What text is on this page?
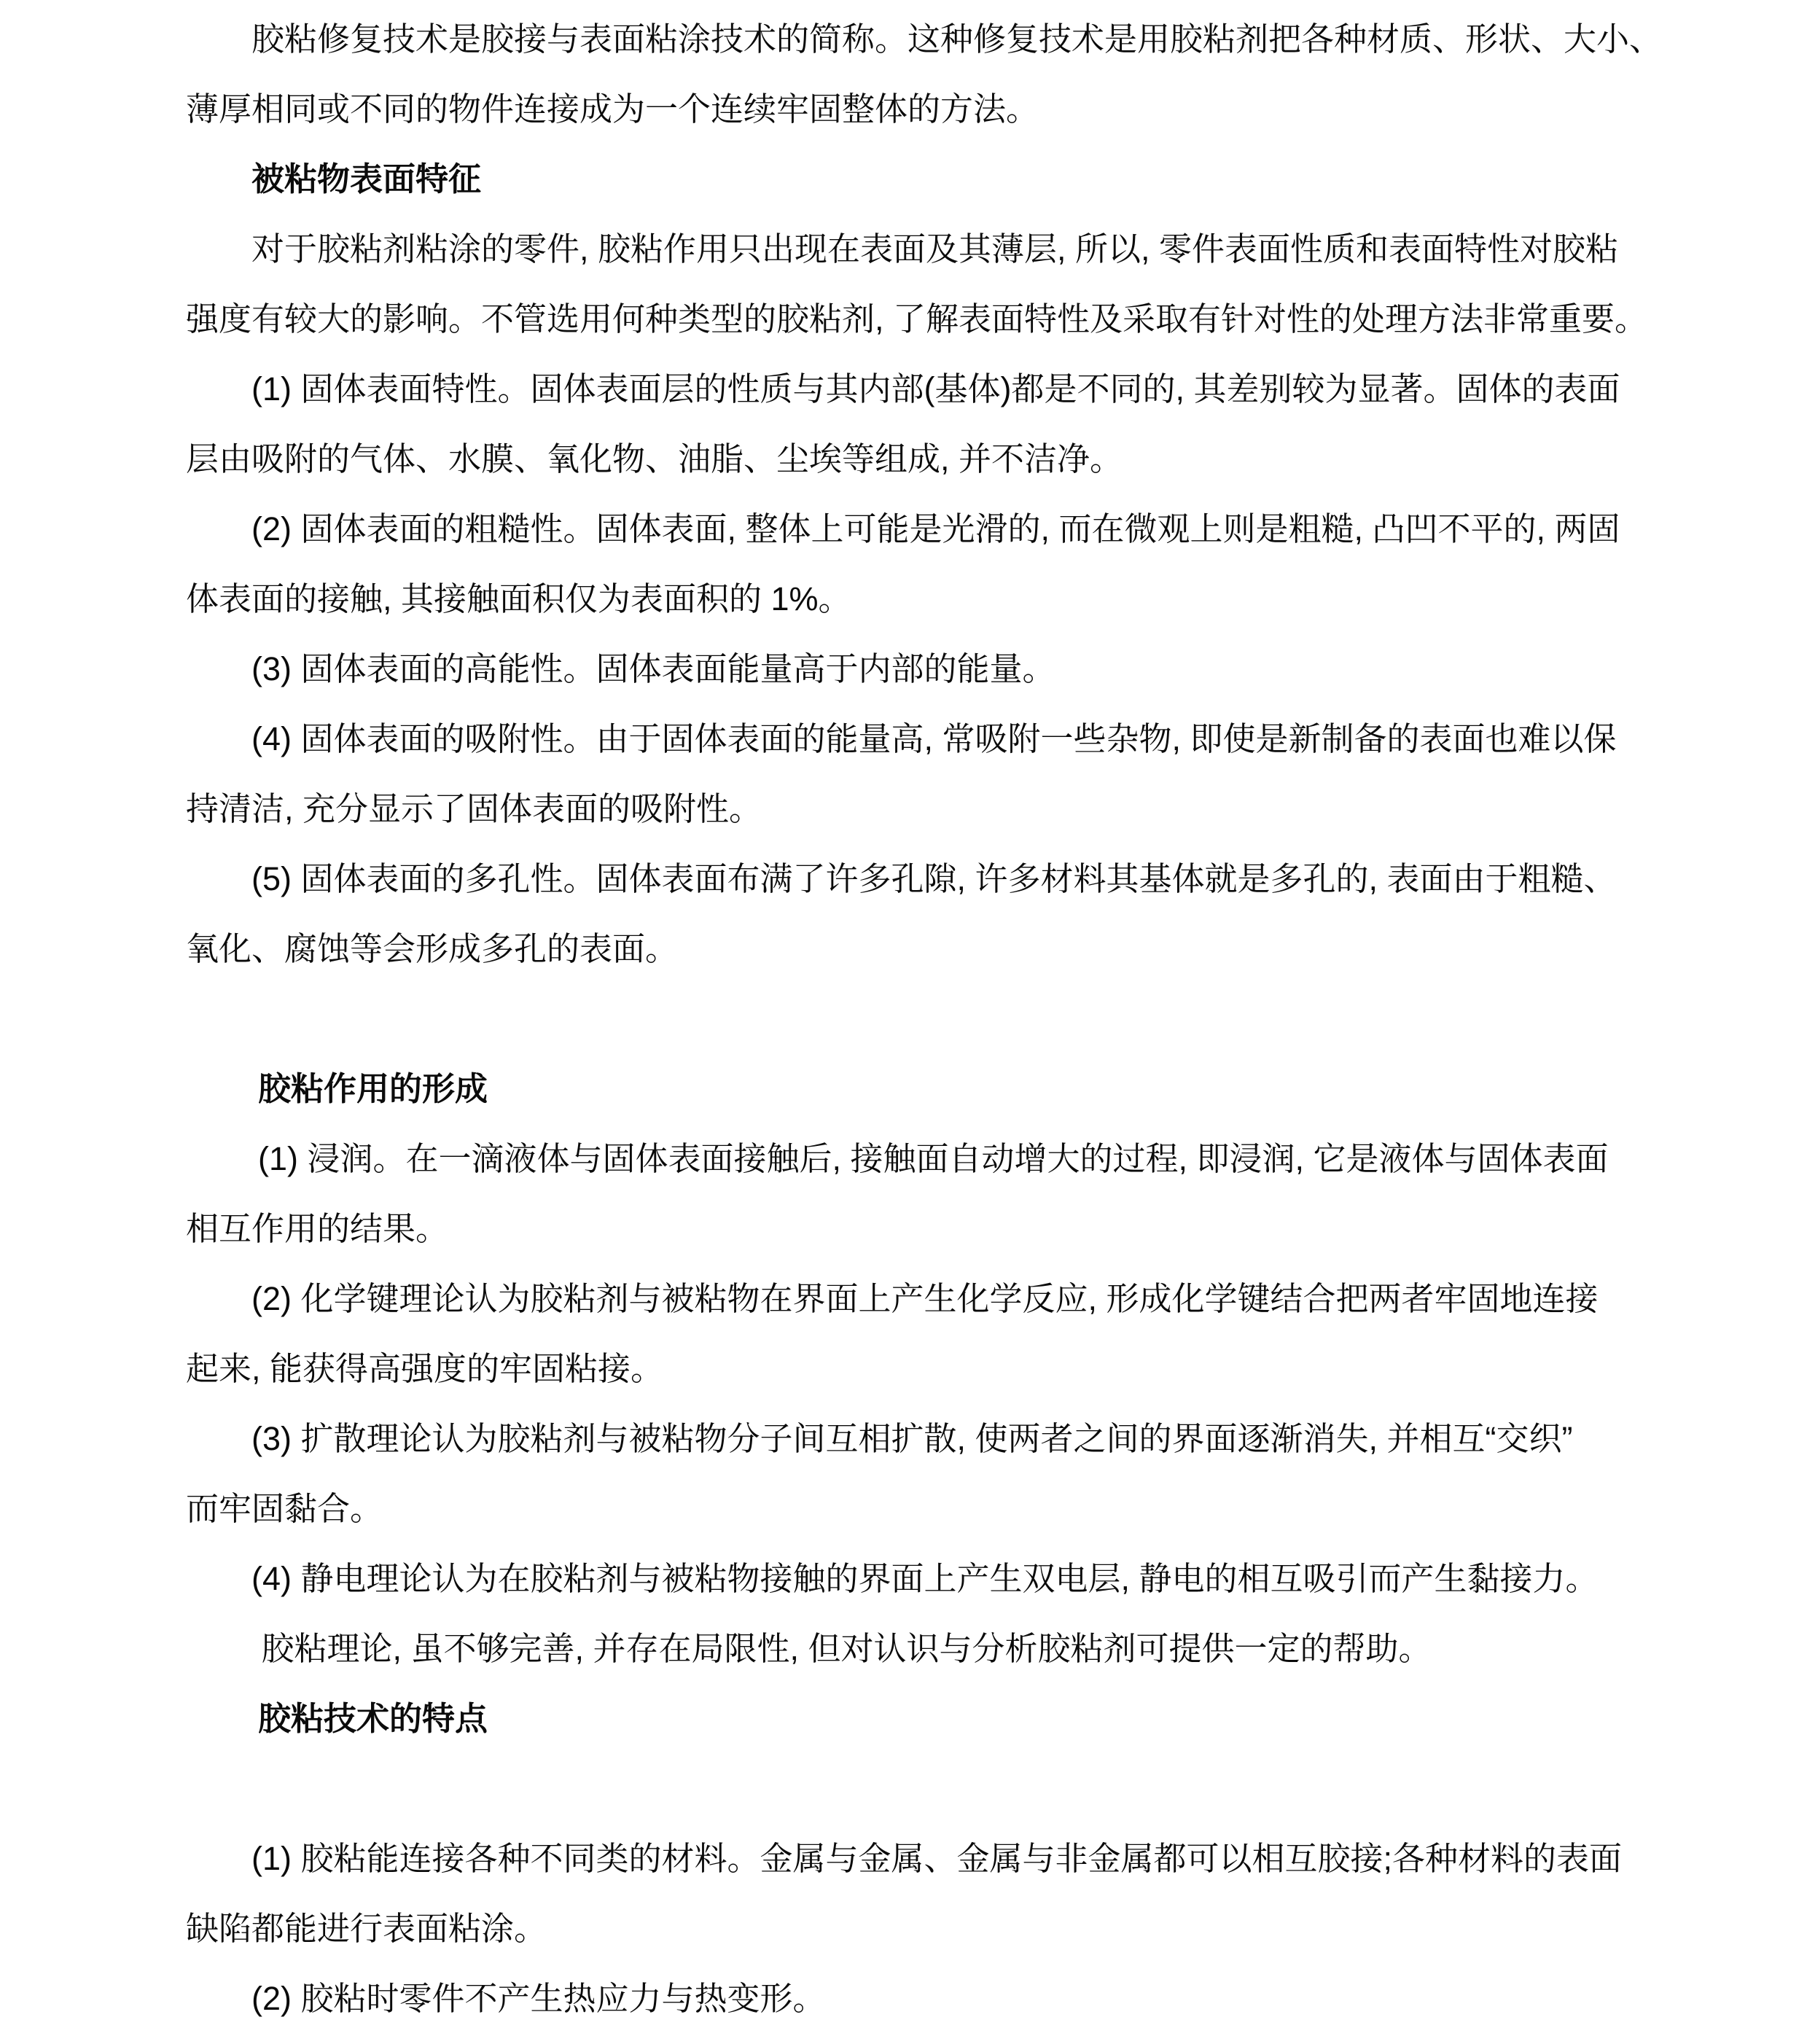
胶粘修复技术是胶接与表面粘涂技术的简称。这种修复技术是用胶粘剂把各种材质、形状、大小、
薄厚相同或不同的物件连接成为一个连续牢固整体的方法。
被粘物表面特征
对于胶粘剂粘涂的零件, 胶粘作用只出现在表面及其薄层, 所以, 零件表面性质和表面特性对胶粘
强度有较大的影响。不管选用何种类型的胶粘剂, 了解表面特性及采取有针对性的处理方法非常重要。
(1) 固体表面特性。固体表面层的性质与其内部(基体)都是不同的, 其差别较为显著。固体的表面
层由吸附的气体、水膜、氧化物、油脂、尘埃等组成, 并不洁净。
(2) 固体表面的粗糙性。固体表面, 整体上可能是光滑的, 而在微观上则是粗糙, 凸凹不平的, 两固
体表面的接触, 其接触面积仅为表面积的 1%。
(3) 固体表面的高能性。固体表面能量高于内部的能量。
(4) 固体表面的吸附性。由于固体表面的能量高, 常吸附一些杂物, 即使是新制备的表面也难以保
持清洁, 充分显示了固体表面的吸附性。
(5) 固体表面的多孔性。固体表面布满了许多孔隙, 许多材料其基体就是多孔的, 表面由于粗糙、
氧化、腐蚀等会形成多孔的表面。

胶粘作用的形成
(1) 浸润。在一滴液体与固体表面接触后, 接触面自动增大的过程, 即浸润, 它是液体与固体表面
相互作用的结果。
(2) 化学键理论认为胶粘剂与被粘物在界面上产生化学反应, 形成化学键结合把两者牢固地连接
起来, 能获得高强度的牢固粘接。
(3) 扩散理论认为胶粘剂与被粘物分子间互相扩散, 使两者之间的界面逐渐消失, 并相互“交织”
而牢固黏合。
(4) 静电理论认为在胶粘剂与被粘物接触的界面上产生双电层, 静电的相互吸引而产生黏接力。
胶粘理论, 虽不够完善, 并存在局限性, 但对认识与分析胶粘剂可提供一定的帮助。
胶粘技术的特点

(1) 胶粘能连接各种不同类的材料。金属与金属、金属与非金属都可以相互胶接;各种材料的表面
缺陷都能进行表面粘涂。
(2) 胶粘时零件不产生热应力与热变形。
